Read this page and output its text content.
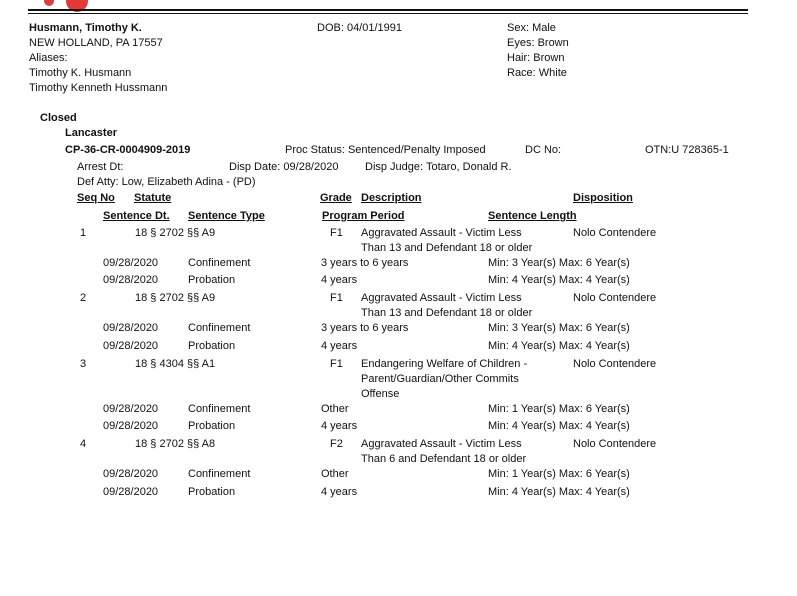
Husmann, Timothy K.
NEW HOLLAND, PA 17557
Aliases:
Timothy K. Husmann
Timothy Kenneth Hussmann
DOB: 04/01/1991	Sex: Male
Eyes: Brown
Hair: Brown
Race: White
Closed
Lancaster
CP-36-CR-0004909-2019	Proc Status: Sentenced/Penalty Imposed	DC No:	OTN:U 728365-1
Arrest Dt:	Disp Date: 09/28/2020 Disp Judge: Totaro, Donald R.
Def Atty: Low, Elizabeth Adina - (PD)
Seq No Statute	Grade Description	Disposition
Sentence Dt. Sentence Type	Program Period	Sentence Length
1	18 § 2702 §§ A9	F1 Aggravated Assault - Victim Less
Than 13 and Defendant 18 or older
Nolo Contendere
09/28/2020	Confinement	3 years to 6 years	Min: 3 Year(s) Max: 6 Year(s)
09/28/2020	Probation	4 years	Min: 4 Year(s) Max: 4 Year(s)
2	18 § 2702 §§ A9	F1 Aggravated Assault - Victim Less
Than 13 and Defendant 18 or older
Nolo Contendere
09/28/2020	Confinement	3 years to 6 years	Min: 3 Year(s) Max: 6 Year(s)
09/28/2020	Probation	4 years	Min: 4 Year(s) Max: 4 Year(s)
3	18 § 4304 §§ A1	F1 Endangering Welfare of Children -
Parent/Guardian/Other Commits
Offense
Nolo Contendere
09/28/2020	Confinement	Other	Min: 1 Year(s) Max: 6 Year(s)
09/28/2020	Probation	4 years	Min: 4 Year(s) Max: 4 Year(s)
4	18 § 2702 §§ A8	F2 Aggravated Assault - Victim Less
Than 6 and Defendant 18 or older
Nolo Contendere
09/28/2020	Confinement	Other	Min: 1 Year(s) Max: 6 Year(s)
09/28/2020	Probation	4 years	Min: 4 Year(s) Max: 4 Year(s)
